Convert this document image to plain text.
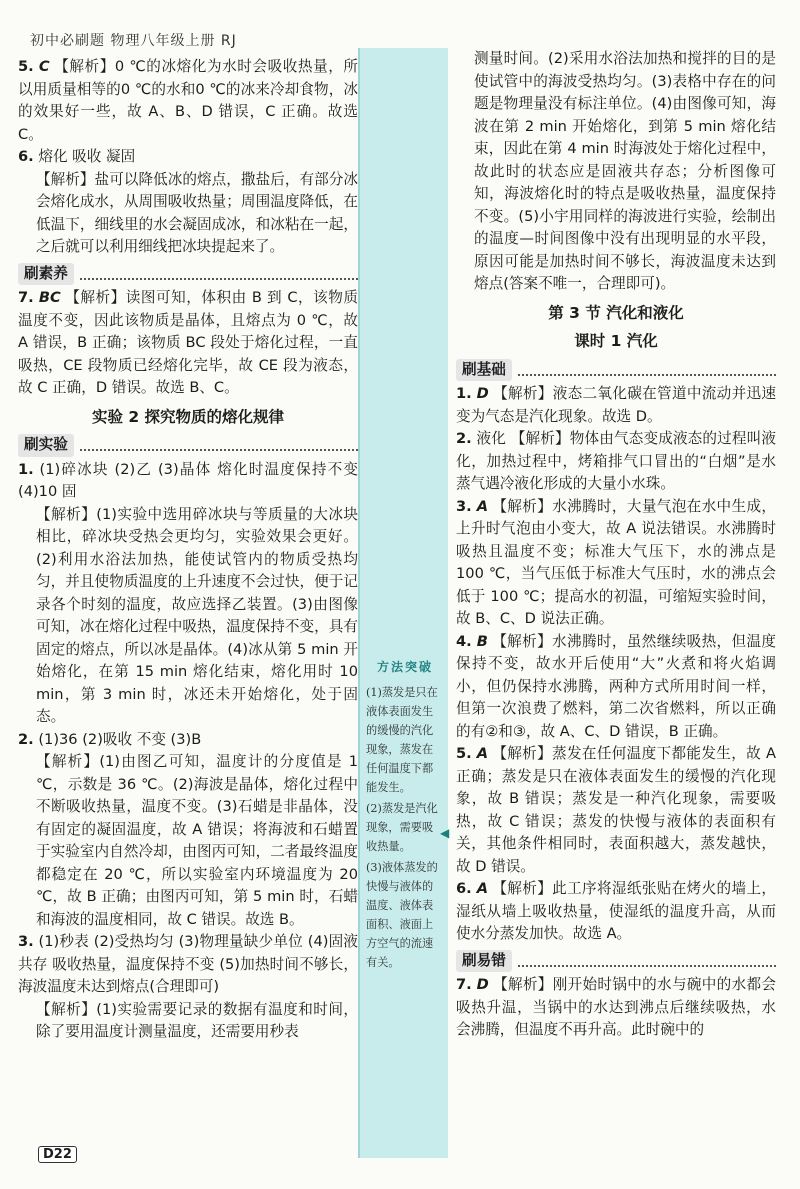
初中必刷题 物理八年级上册 RJ
5. C 【解析】0 ℃的冰熔化为水时会吸收热量，所以用质量相等的0 ℃的水和0 ℃的冰来冷却食物，冰的效果好一些，故 A、B、D 错误，C 正确。故选 C。
6. 熔化 吸收 凝固
【解析】盐可以降低冰的熔点，撒盐后，有部分冰会熔化成水，从周围吸收热量；周围温度降低，在低温下，细线里的水会凝固成冰，和冰粘在一起，之后就可以利用细线把冰块提起来了。
刷素养
7. BC 【解析】读图可知，体积由 B 到 C，该物质温度不变，因此该物质是晶体，且熔点为 0 ℃，故 A 错误，B 正确；该物质 BC 段处于熔化过程，一直吸热，CE 段物质已经熔化完毕，故 CE 段为液态，故 C 正确，D 错误。故选 B、C。
实验 2 探究物质的熔化规律
刷实验
1. (1)碎冰块 (2)乙 (3)晶体 熔化时温度保持不变 (4)10 固
【解析】(1)实验中选用碎冰块与等质量的大冰块相比，碎冰块受热会更均匀，实验效果会更好。(2)利用水浴法加热，能使试管内的物质受热均匀，并且使物质温度的上升速度不会过快，便于记录各个时刻的温度，故应选择乙装置。(3)由图像可知，冰在熔化过程中吸热，温度保持不变，具有固定的熔点，所以冰是晶体。(4)冰从第 5 min 开始熔化，在第 15 min 熔化结束，熔化用时 10 min，第 3 min 时，冰还未开始熔化，处于固态。
2. (1)36 (2)吸收 不变 (3)B
【解析】(1)由图乙可知，温度计的分度值是 1 ℃，示数是 36 ℃。(2)海波是晶体，熔化过程中不断吸收热量，温度不变。(3)石蜡是非晶体，没有固定的凝固温度，故 A 错误；将海波和石蜡置于实验室内自然冷却，由图丙可知，二者最终温度都稳定在 20 ℃，所以实验室内环境温度为 20 ℃，故 B 正确；由图丙可知，第 5 min 时，石蜡和海波的温度相同，故 C 错误。故选 B。
3. (1)秒表 (2)受热均匀 (3)物理量缺少单位 (4)固液共存 吸收热量，温度保持不变 (5)加热时间不够长，海波温度未达到熔点(合理即可)
【解析】(1)实验需要记录的数据有温度和时间，除了要用温度计测量温度，还需要用秒表
方法突破
(1)蒸发是只在液体表面发生的缓慢的汽化现象，蒸发在任何温度下都能发生。
(2)蒸发是汽化现象，需要吸收热量。
(3)液体蒸发的快慢与液体的温度、液体表面积、液面上方空气的流速有关。
◀
测量时间。(2)采用水浴法加热和搅拌的目的是使试管中的海波受热均匀。(3)表格中存在的问题是物理量没有标注单位。(4)由图像可知，海波在第 2 min 开始熔化，到第 5 min 熔化结束，因此在第 4 min 时海波处于熔化过程中，故此时的状态应是固液共存态；分析图像可知，海波熔化时的特点是吸收热量，温度保持不变。(5)小宇用同样的海波进行实验，绘制出的温度—时间图像中没有出现明显的水平段，原因可能是加热时间不够长，海波温度未达到熔点(答案不唯一，合理即可)。
第 3 节 汽化和液化
课时 1 汽化
刷基础
1. D 【解析】液态二氧化碳在管道中流动并迅速变为气态是汽化现象。故选 D。
2. 液化 【解析】物体由气态变成液态的过程叫液化，加热过程中，烤箱排气口冒出的“白烟”是水蒸气遇冷液化形成的大量小水珠。
3. A 【解析】水沸腾时，大量气泡在水中生成，上升时气泡由小变大，故 A 说法错误。水沸腾时吸热且温度不变；标准大气压下，水的沸点是 100 ℃，当气压低于标准大气压时，水的沸点会低于 100 ℃；提高水的初温，可缩短实验时间，故 B、C、D 说法正确。
4. B 【解析】水沸腾时，虽然继续吸热，但温度保持不变，故水开后使用“大”火煮和将火焰调小，但仍保持水沸腾，两种方式所用时间一样，但第一次浪费了燃料，第二次省燃料，所以正确的有②和③，故 A、C、D 错误，B 正确。
5. A 【解析】蒸发在任何温度下都能发生，故 A 正确；蒸发是只在液体表面发生的缓慢的汽化现象，故 B 错误；蒸发是一种汽化现象，需要吸热，故 C 错误；蒸发的快慢与液体的表面积有关，其他条件相同时，表面积越大，蒸发越快，故 D 错误。
6. A 【解析】此工序将湿纸张贴在烤火的墙上，湿纸从墙上吸收热量，使湿纸的温度升高，从而使水分蒸发加快。故选 A。
刷易错
7. D 【解析】刚开始时锅中的水与碗中的水都会吸热升温，当锅中的水达到沸点后继续吸热，水会沸腾，但温度不再升高。此时碗中的
D22
